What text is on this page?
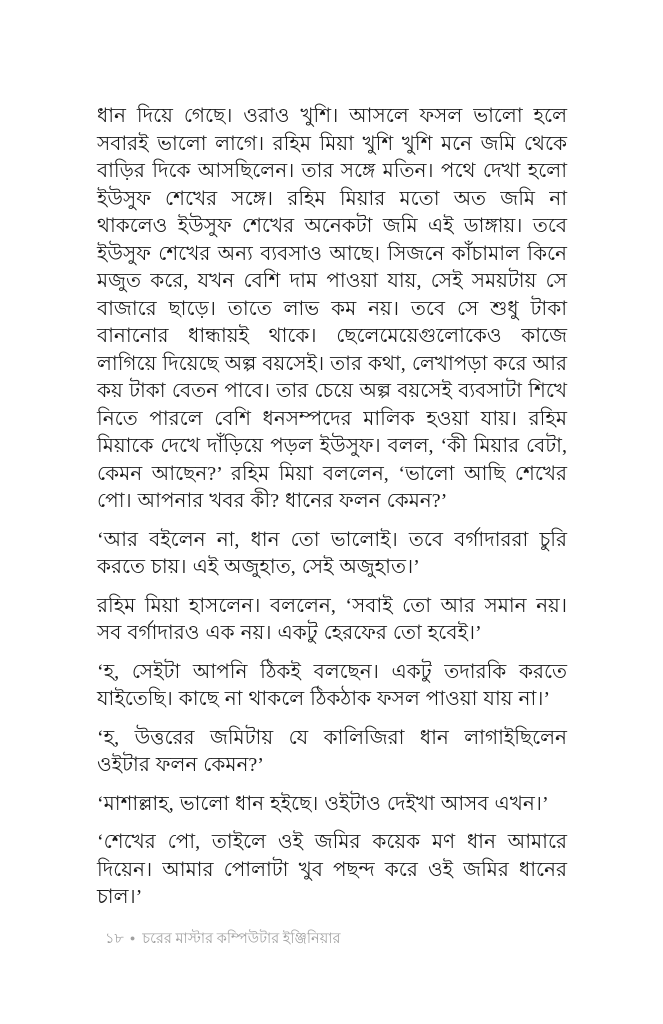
ধান দিয়ে গেছে। ওরাও খুশি। আসলে ফসল ভালো হলে সবারই ভালো লাগে। রহিম মিয়া খুশি খুশি মনে জমি থেকে বাড়ির দিকে আসছিলেন। তার সঙ্গে মতিন। পথে দেখা হলো ইউসুফ শেখের সঙ্গে। রহিম মিয়ার মতো অত জমি না থাকলেও ইউসুফ শেখের অনেকটা জমি এই ডাঙ্গায়। তবে ইউসুফ শেখের অন্য ব্যবসাও আছে। সিজনে কাঁচামাল কিনে মজুত করে, যখন বেশি দাম পাওয়া যায়, সেই সময়টায় সে বাজারে ছাড়ে। তাতে লাভ কম নয়। তবে সে শুধু টাকা বানানোর ধান্ধায়ই থাকে। ছেলেমেয়েগুলোকেও কাজে লাগিয়ে দিয়েছে অল্প বয়সেই। তার কথা, লেখাপড়া করে আর কয় টাকা বেতন পাবে। তার চেয়ে অল্প বয়সেই ব্যবসাটা শিখে নিতে পারলে বেশি ধনসম্পদের মালিক হওয়া যায়। রহিম মিয়াকে দেখে দাঁড়িয়ে পড়ল ইউসুফ। বলল, ‘কী মিয়ার বেটা, কেমন আছেন?’ রহিম মিয়া বললেন, ‘ভালো আছি শেখের পো। আপনার খবর কী? ধানের ফলন কেমন?’

‘আর বইলেন না, ধান তো ভালোই। তবে বর্গাদাররা চুরি করতে চায়। এই অজুহাত, সেই অজুহাত।’

রহিম মিয়া হাসলেন। বললেন, ‘সবাই তো আর সমান নয়। সব বর্গাদারও এক নয়। একটু হেরফের তো হবেই।’

‘হ, সেইটা আপনি ঠিকই বলছেন। একটু তদারকি করতে যাইতেছি। কাছে না থাকলে ঠিকঠাক ফসল পাওয়া যায় না।’

‘হ, উত্তরের জমিটায় যে কালিজিরা ধান লাগাইছিলেন ওইটার ফলন কেমন?’

‘মাশাল্লাহ, ভালো ধান হইছে। ওইটাও দেইখা আসব এখন।’

‘শেখের পো, তাইলে ওই জমির কয়েক মণ ধান আমারে দিয়েন। আমার পোলাটা খুব পছন্দ করে ওই জমির ধানের চাল।’

১৮ ● চরের মাস্টার কম্পিউটার ইঞ্জিনিয়ার
